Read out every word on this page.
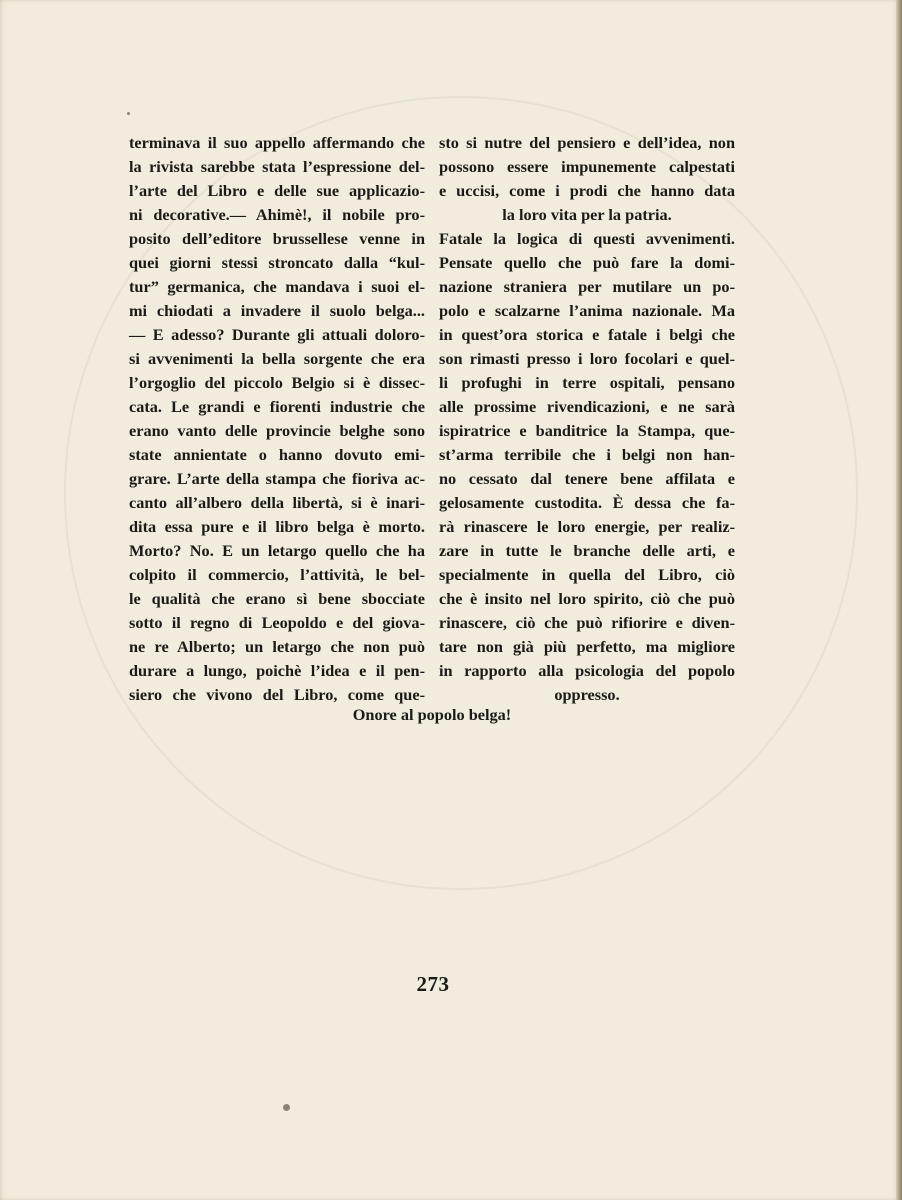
terminava il suo appello affermando che
la rivista sarebbe stata l’espressione del-
l’arte del Libro e delle sue applicazio-
ni decorative.— Ahimè!, il nobile pro-
posito dell’editore brussellese venne in
quei giorni stessi stroncato dalla “kul-
tur” germanica, che mandava i suoi el-
mi chiodati a invadere il suolo belga...
— E adesso? Durante gli attuali doloro-
si avvenimenti la bella sorgente che era
l’orgoglio del piccolo Belgio si è dissec-
cata. Le grandi e fiorenti industrie che
erano vanto delle provincie belghe sono
state annientate o hanno dovuto emi-
grare. L’arte della stampa che fioriva ac-
canto all’albero della libertà, si è inari-
dita essa pure e il libro belga è morto.
Morto? No. E un letargo quello che ha
colpito il commercio, l’attività, le bel-
le qualità che erano sì bene sbocciate
sotto il regno di Leopoldo e del giova-
ne re Alberto; un letargo che non può
durare a lungo, poichè l’idea e il pen-
siero che vivono del Libro, come que-
sto si nutre del pensiero e dell’idea, non
possono essere impunemente calpestati
e uccisi, come i prodi che hanno data
la loro vita per la patria.
Fatale la logica di questi avvenimenti.
Pensate quello che può fare la domi-
nazione straniera per mutilare un po-
polo e scalzarne l’anima nazionale. Ma
in quest’ora storica e fatale i belgi che
son rimasti presso i loro focolari e quel-
li profughi in terre ospitali, pensano
alle prossime rivendicazioni, e ne sarà
ispiratrice e banditrice la Stampa, que-
st’arma terribile che i belgi non han-
no cessato dal tenere bene affilata e
gelosamente custodita. È dessa che fa-
rà rinascere le loro energie, per realiz-
zare in tutte le branche delle arti, e
specialmente in quella del Libro, ciò
che è insito nel loro spirito, ciò che può
rinascere, ciò che può rifiorire e diven-
tare non già più perfetto, ma migliore
in rapporto alla psicologia del popolo
oppresso.
Onore al popolo belga!
273
